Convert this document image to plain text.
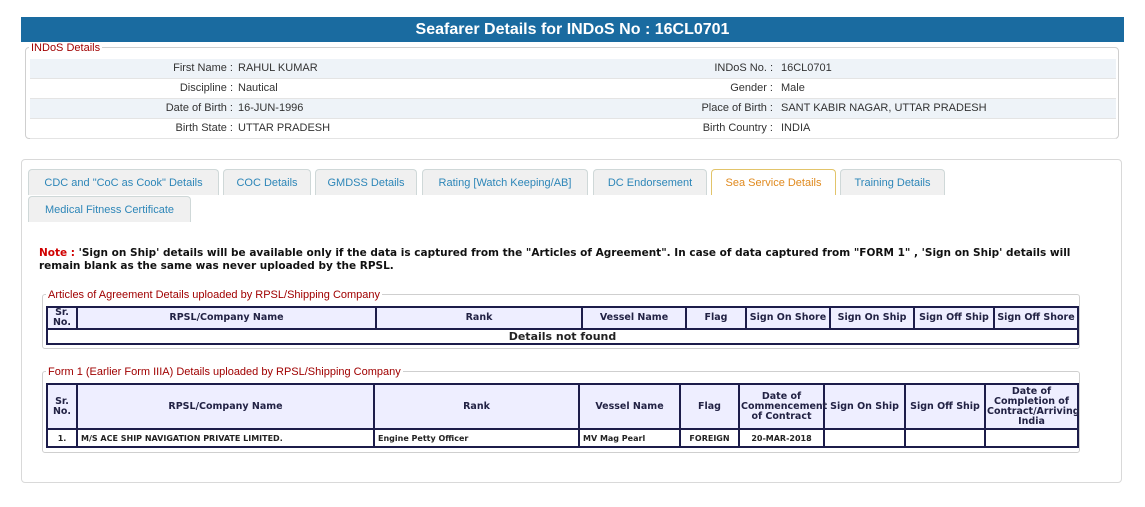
Seafarer Details for INDoS No : 16CL0701
INDoS Details
First Name : RAHUL KUMAR	INDoS No. : 16CL0701
Discipline : Nautical	Gender : Male
Date of Birth : 16-JUN-1996	Place of Birth : SANT KABIR NAGAR, UTTAR PRADESH
Birth State : UTTAR PRADESH	Birth Country : INDIA
CDC and "CoC as Cook" Details	COC Details	GMDSS Details	Rating [Watch Keeping/AB]	DC Endorsement	Sea Service Details	Training Details
Medical Fitness Certificate
Note : 'Sign on Ship' details will be available only if the data is captured from the "Articles of Agreement". In case of data captured from "FORM 1" , 'Sign on Ship' details will remain blank as the same was never uploaded by the RPSL.
Articles of Agreement Details uploaded by RPSL/Shipping Company
Sr. No.	RPSL/Company Name	Rank	Vessel Name	Flag	Sign On Shore	Sign On Ship	Sign Off Ship	Sign Off Shore
Details not found
Form 1 (Earlier Form IIIA) Details uploaded by RPSL/Shipping Company
Sr. No.	RPSL/Company Name	Rank	Vessel Name	Flag	Date of Commencement of Contract	Sign On Ship	Sign Off Ship	Date of Completion of Contract/Arriving India
1.	M/S ACE SHIP NAVIGATION PRIVATE LIMITED.	Engine Petty Officer	MV Mag Pearl	FOREIGN	20-MAR-2018			
